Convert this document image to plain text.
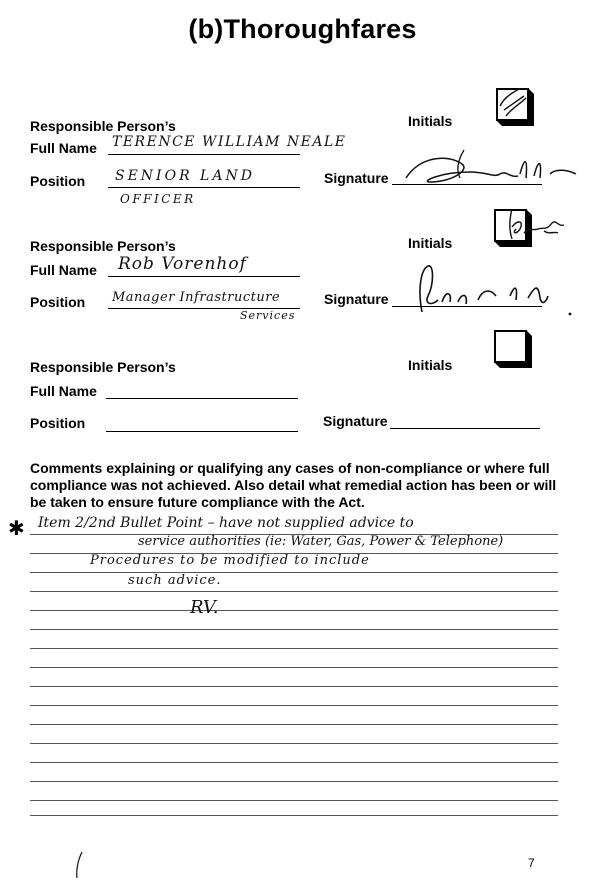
(b)Thoroughfares
Responsible Person’s
Full Name
Position
Initials
Signature
TERENCE WILLIAM NEALE
SENIOR LAND
OFFICER
Responsible Person’s
Full Name
Position
Initials
Signature
Rob Vorenhof
Manager Infrastructure
Services
Responsible Person’s
Full Name
Position
Initials
Signature
Comments explaining or qualifying any cases of non-compliance or where full compliance was not achieved. Also detail what remedial action has been or will be taken to ensure future compliance with the Act.
✱ Item 2/2nd Bullet Point – have not supplied advice to
service authorities (ie: Water, Gas, Power & Telephone)
Procedures to be modified to include
such advice.
RV.
7
